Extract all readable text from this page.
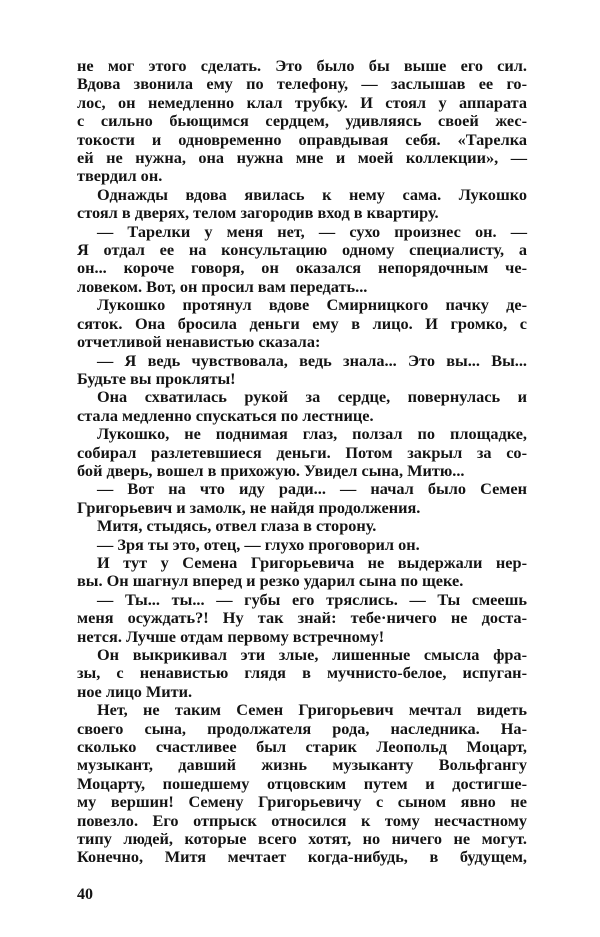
не мог этого сделать. Это было бы выше его сил.
Вдова звонила ему по телефону, — заслышав ее го-
лос, он немедленно клал трубку. И стоял у аппарата
с сильно бьющимся сердцем, удивляясь своей жес-
токости и одновременно оправдывая себя. «Тарелка
ей не нужна, она нужна мне и моей коллекции», —
твердил он.
Однажды вдова явилась к нему сама. Лукошко
стоял в дверях, телом загородив вход в квартиру.
— Тарелки у меня нет, — сухо произнес он. —
Я отдал ее на консультацию одному специалисту, а
он... короче говоря, он оказался непорядочным че-
ловеком. Вот, он просил вам передать...
Лукошко протянул вдове Смирницкого пачку де-
сяток. Она бросила деньги ему в лицо. И громко, с
отчетливой ненавистью сказала:
— Я ведь чувствовала, ведь знала... Это вы... Вы...
Будьте вы прокляты!
Она схватилась рукой за сердце, повернулась и
стала медленно спускаться по лестнице.
Лукошко, не поднимая глаз, ползал по площадке,
собирал разлетевшиеся деньги. Потом закрыл за со-
бой дверь, вошел в прихожую. Увидел сына, Митю...
— Вот на что иду ради... — начал было Семен
Григорьевич и замолк, не найдя продолжения.
Митя, стыдясь, отвел глаза в сторону.
— Зря ты это, отец, — глухо проговорил он.
И тут у Семена Григорьевича не выдержали нер-
вы. Он шагнул вперед и резко ударил сына по щеке.
— Ты... ты... — губы его тряслись. — Ты смеешь
меня осуждать?! Ну так знай: тебе·ничего не доста-
нется. Лучше отдам первому встречному!
Он выкрикивал эти злые, лишенные смысла фра-
зы, с ненавистью глядя в мучнисто-белое, испуган-
ное лицо Мити.
Нет, не таким Семен Григорьевич мечтал видеть
своего сына, продолжателя рода, наследника. На-
сколько счастливее был старик Леопольд Моцарт,
музыкант, давший жизнь музыканту Вольфгангу
Моцарту, пошедшему отцовским путем и достигше-
му вершин! Семену Григорьевичу с сыном явно не
повезло. Его отпрыск относился к тому несчастному
типу людей, которые всего хотят, но ничего не могут.
Конечно, Митя мечтает когда-нибудь, в будущем,
40
